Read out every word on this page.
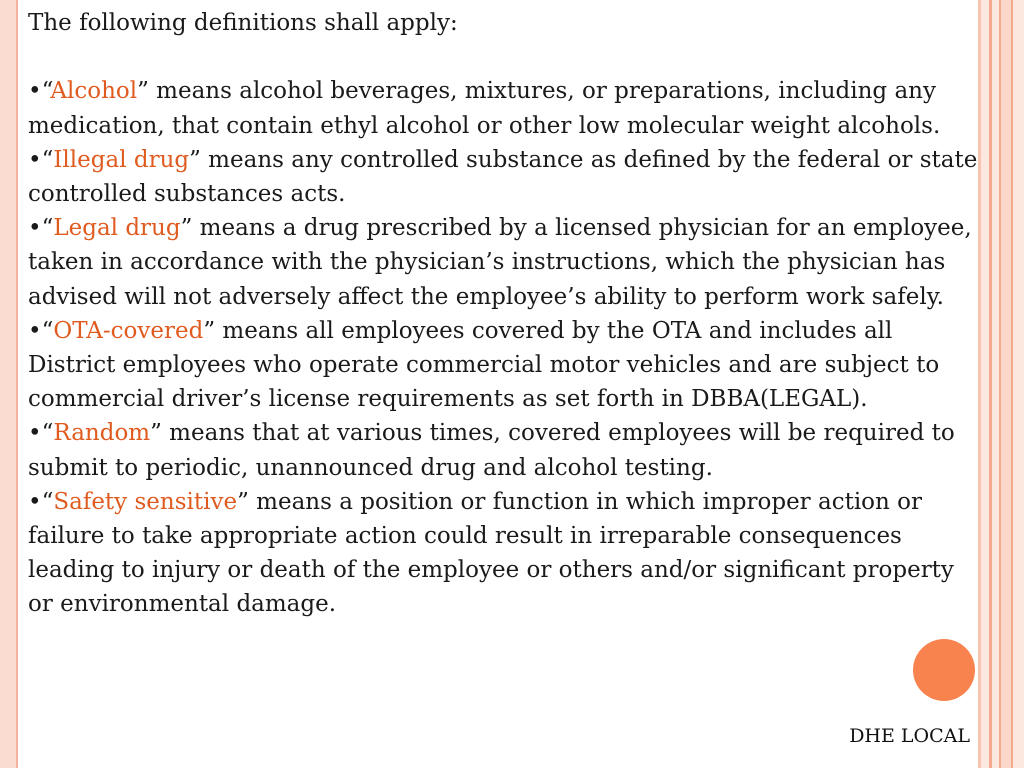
The following definitions shall apply:

•“Alcohol” means alcohol beverages, mixtures, or preparations, including any medication, that contain ethyl alcohol or other low molecular weight alcohols.

•“Illegal drug” means any controlled substance as defined by the federal or state controlled substances acts.

•“Legal drug” means a drug prescribed by a licensed physician for an employee, taken in accordance with the physician’s instructions, which the physician has advised will not adversely affect the employee’s ability to perform work safely.

•“OTA-covered” means all employees covered by the OTA and includes all District employees who operate commercial motor vehicles and are subject to commercial driver’s license requirements as set forth in DBBA(LEGAL).

•“Random” means that at various times, covered employees will be required to submit to periodic, unannounced drug and alcohol testing.

•“Safety sensitive” means a position or function in which improper action or failure to take appropriate action could result in irreparable consequences leading to injury or death of the employee or others and/or significant property or environmental damage.

DHE LOCAL
